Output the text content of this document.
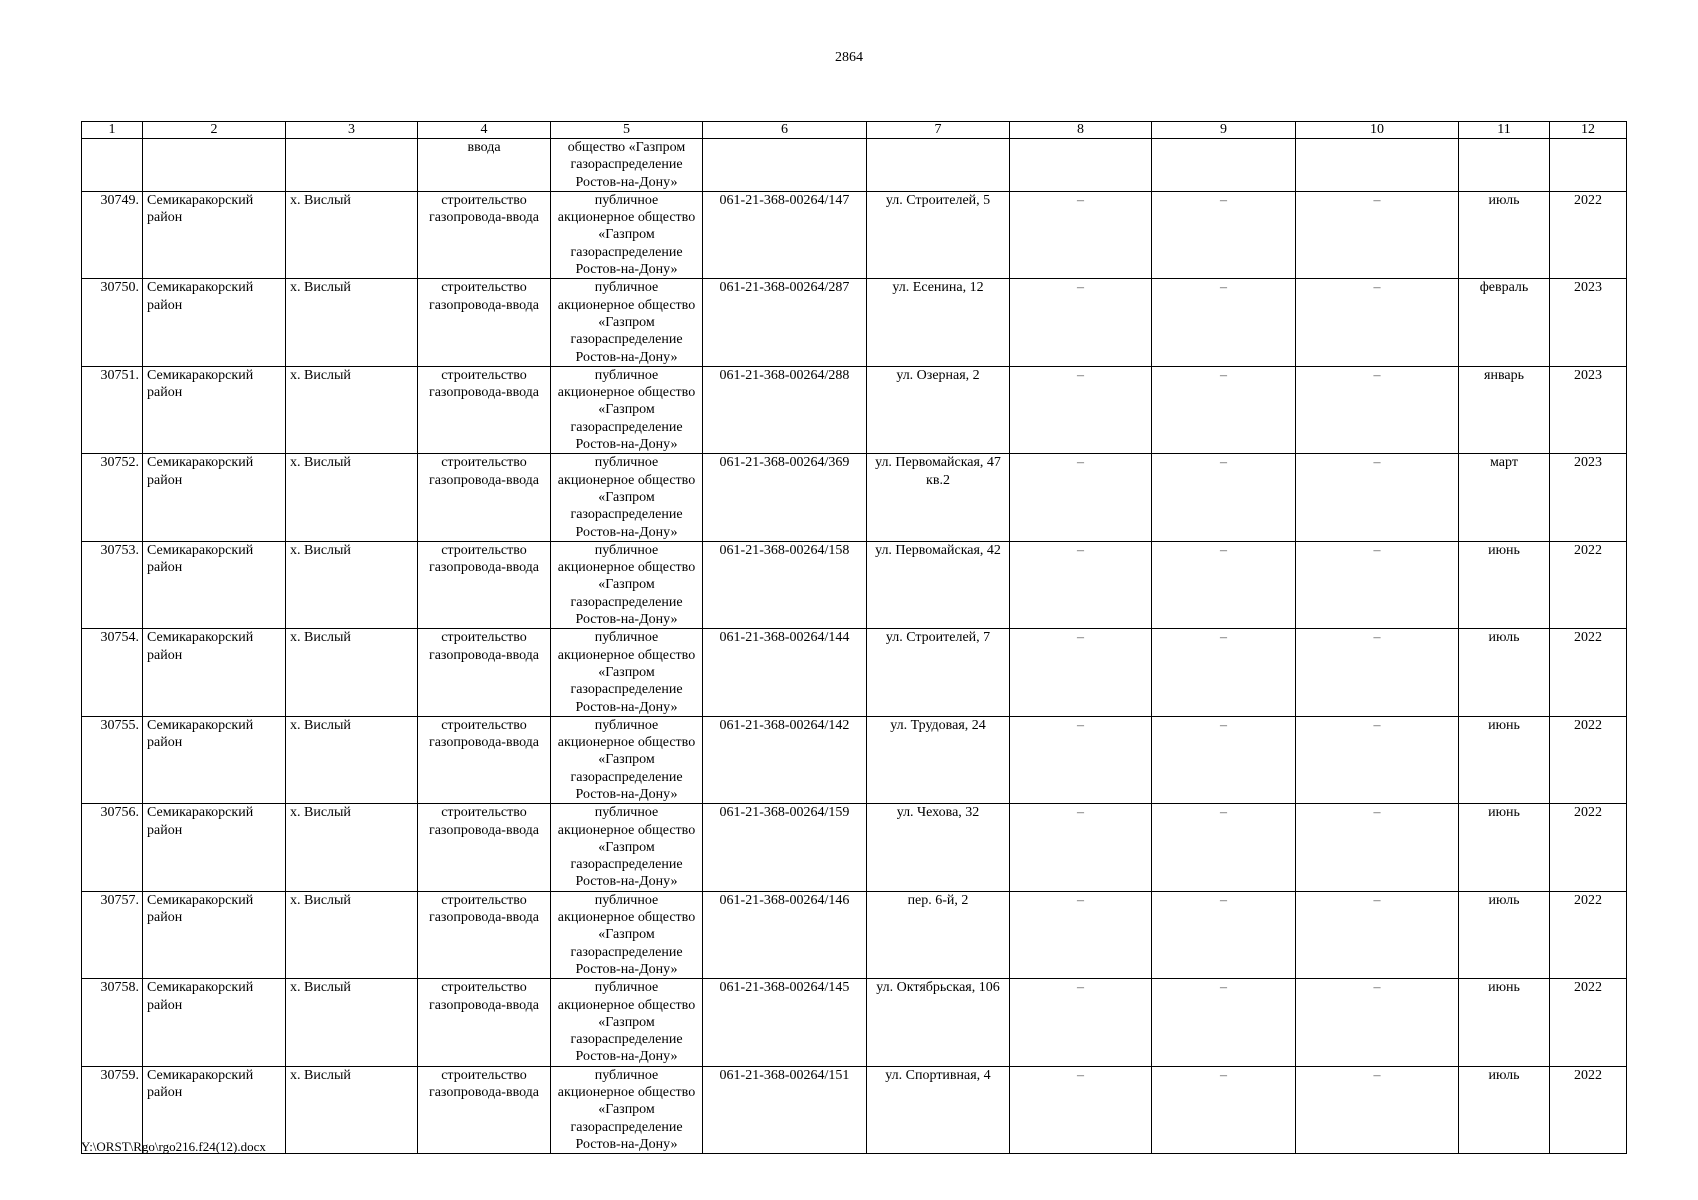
2864
1	2	3	4	5	6	7	8	9	10	11	12
			ввода	общество «Газпром газораспределение Ростов-на-Дону»							
30749.	Семикаракорский район	х. Вислый	строительство газопровода-ввода	публичное акционерное общество «Газпром газораспределение Ростов-на-Дону»	061-21-368-00264/147	ул. Строителей, 5	–	–	–	июль	2022
30750.	Семикаракорский район	х. Вислый	строительство газопровода-ввода	публичное акционерное общество «Газпром газораспределение Ростов-на-Дону»	061-21-368-00264/287	ул. Есенина, 12	–	–	–	февраль	2023
30751.	Семикаракорский район	х. Вислый	строительство газопровода-ввода	публичное акционерное общество «Газпром газораспределение Ростов-на-Дону»	061-21-368-00264/288	ул. Озерная, 2	–	–	–	январь	2023
30752.	Семикаракорский район	х. Вислый	строительство газопровода-ввода	публичное акционерное общество «Газпром газораспределение Ростов-на-Дону»	061-21-368-00264/369	ул. Первомайская, 47 кв.2	–	–	–	март	2023
30753.	Семикаракорский район	х. Вислый	строительство газопровода-ввода	публичное акционерное общество «Газпром газораспределение Ростов-на-Дону»	061-21-368-00264/158	ул. Первомайская, 42	–	–	–	июнь	2022
30754.	Семикаракорский район	х. Вислый	строительство газопровода-ввода	публичное акционерное общество «Газпром газораспределение Ростов-на-Дону»	061-21-368-00264/144	ул. Строителей, 7	–	–	–	июль	2022
30755.	Семикаракорский район	х. Вислый	строительство газопровода-ввода	публичное акционерное общество «Газпром газораспределение Ростов-на-Дону»	061-21-368-00264/142	ул. Трудовая, 24	–	–	–	июнь	2022
30756.	Семикаракорский район	х. Вислый	строительство газопровода-ввода	публичное акционерное общество «Газпром газораспределение Ростов-на-Дону»	061-21-368-00264/159	ул. Чехова, 32	–	–	–	июнь	2022
30757.	Семикаракорский район	х. Вислый	строительство газопровода-ввода	публичное акционерное общество «Газпром газораспределение Ростов-на-Дону»	061-21-368-00264/146	пер. 6-й, 2	–	–	–	июль	2022
30758.	Семикаракорский район	х. Вислый	строительство газопровода-ввода	публичное акционерное общество «Газпром газораспределение Ростов-на-Дону»	061-21-368-00264/145	ул. Октябрьская, 106	–	–	–	июнь	2022
30759.	Семикаракорский район	х. Вислый	строительство газопровода-ввода	публичное акционерное общество «Газпром газораспределение Ростов-на-Дону»	061-21-368-00264/151	ул. Спортивная, 4	–	–	–	июль	2022
Y:\ORST\Rgo\rgo216.f24(12).docx
